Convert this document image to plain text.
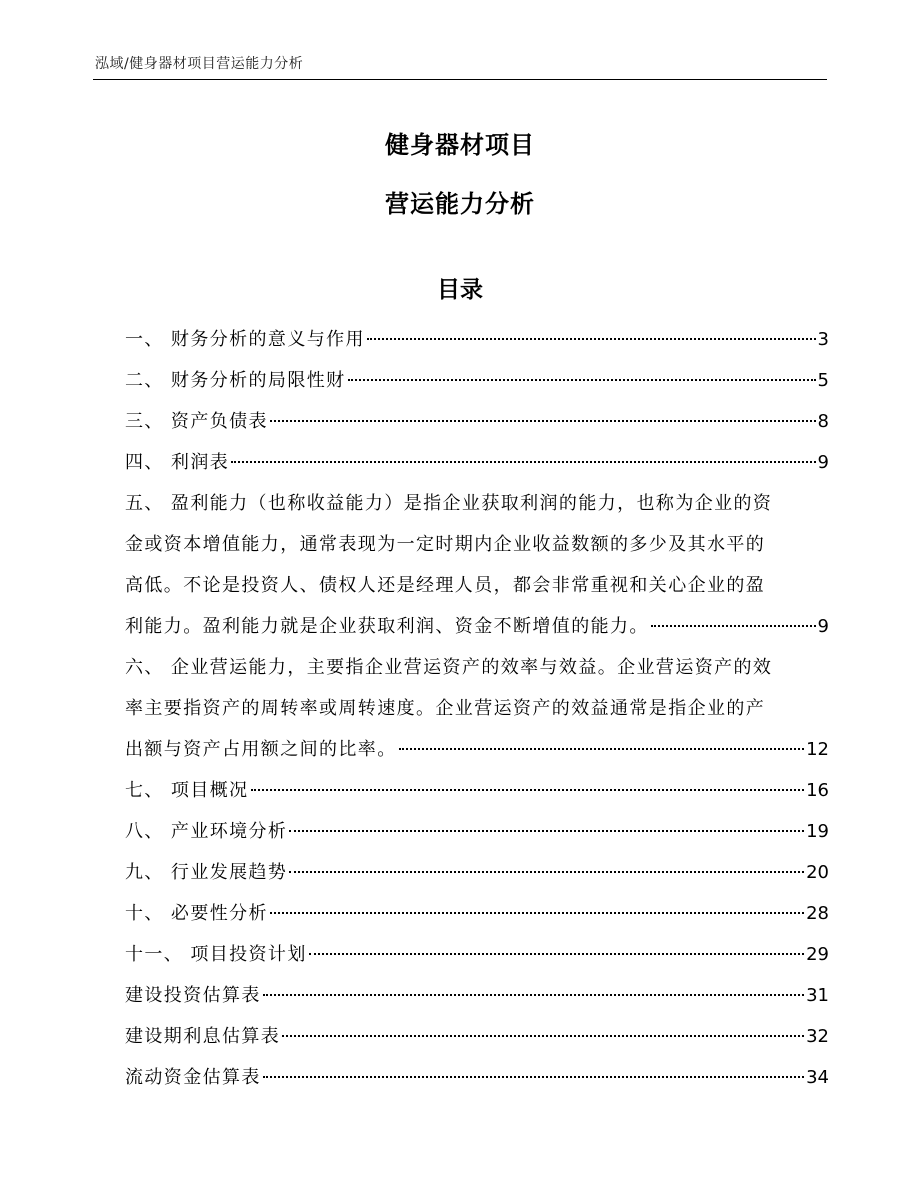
泓域/健身器材项目营运能力分析
健身器材项目
营运能力分析
目录
一、 财务分析的意义与作用	3
二、 财务分析的局限性财	5
三、 资产负债表	8
四、 利润表	9
五、 盈利能力（也称收益能力）是指企业获取利润的能力，也称为企业的资
金或资本增值能力，通常表现为一定时期内企业收益数额的多少及其水平的
高低。不论是投资人、债权人还是经理人员，都会非常重视和关心企业的盈
利能力。盈利能力就是企业获取利润、资金不断增值的能力。	9
六、 企业营运能力，主要指企业营运资产的效率与效益。企业营运资产的效
率主要指资产的周转率或周转速度。企业营运资产的效益通常是指企业的产
出额与资产占用额之间的比率。	12
七、 项目概况	16
八、 产业环境分析	19
九、 行业发展趋势	20
十、 必要性分析	28
十一、 项目投资计划	29
建设投资估算表	31
建设期利息估算表	32
流动资金估算表	34
